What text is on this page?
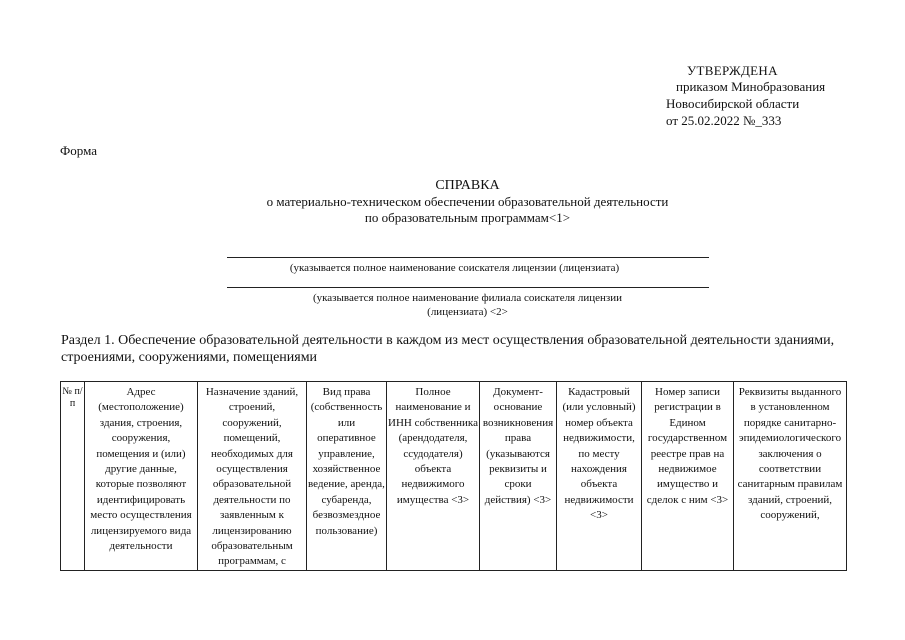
УТВЕРЖДЕНА
приказом Минобразования
Новосибирской области
от 25.02.2022 №_333
Форма
СПРАВКА
о материально-техническом обеспечении образовательной деятельности
по образовательным программам<1>
(указывается полное наименование соискателя лицензии (лицензиата)
(указывается полное наименование филиала соискателя лицензии
(лицензиата) <2>
Раздел 1. Обеспечение образовательной деятельности в каждом из мест осуществления образовательной деятельности зданиями, строениями, сооружениями, помещениями
№ п/п	Адрес (местоположение) здания, строения, сооружения, помещения и (или) другие данные, которые позволяют идентифицировать место осуществления лицензируемого вида деятельности	Назначение зданий, строений, сооружений, помещений, необходимых для осуществления образовательной деятельности по заявленным к лицензированию образовательным программам, с	Вид права (собственность или оперативное управление, хозяйственное ведение, аренда, субаренда, безвозмездное пользование)	Полное наименование и ИНН собственника (арендодателя, ссудодателя) объекта недвижимого имущества <3>	Документ-основание возникновения права (указываются реквизиты и сроки действия) <3>	Кадастровый (или условный) номер объекта недвижимости, по месту нахождения объекта недвижимости <3>	Номер записи регистрации в Едином государственном реестре прав на недвижимое имущество и сделок с ним <3>	Реквизиты выданного в установленном порядке санитарно-эпидемиологического заключения о соответствии санитарным правилам зданий, строений, сооружений,
